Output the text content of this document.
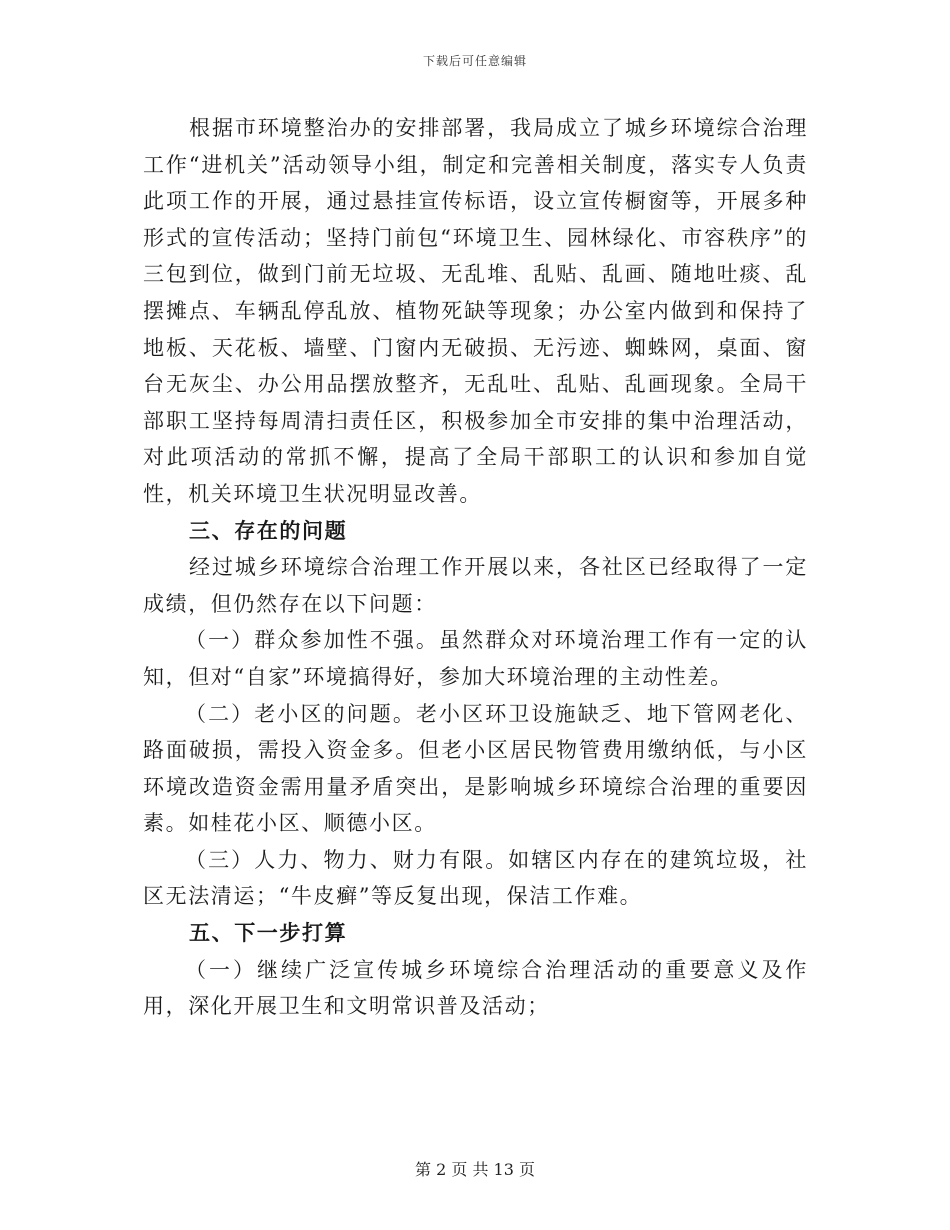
下载后可任意编辑

根据市环境整治办的安排部署，我局成立了城乡环境综合治理工作“进机关”活动领导小组，制定和完善相关制度，落实专人负责此项工作的开展，通过悬挂宣传标语，设立宣传橱窗等，开展多种形式的宣传活动；坚持门前包“环境卫生、园林绿化、市容秩序”的三包到位，做到门前无垃圾、无乱堆、乱贴、乱画、随地吐痰、乱摆摊点、车辆乱停乱放、植物死缺等现象；办公室内做到和保持了地板、天花板、墙壁、门窗内无破损、无污迹、蜘蛛网，桌面、窗台无灰尘、办公用品摆放整齐，无乱吐、乱贴、乱画现象。全局干部职工坚持每周清扫责任区，积极参加全市安排的集中治理活动，对此项活动的常抓不懈，提高了全局干部职工的认识和参加自觉性，机关环境卫生状况明显改善。

三、存在的问题

经过城乡环境综合治理工作开展以来，各社区已经取得了一定成绩，但仍然存在以下问题：

（一）群众参加性不强。虽然群众对环境治理工作有一定的认知，但对“自家”环境搞得好，参加大环境治理的主动性差。

（二）老小区的问题。老小区环卫设施缺乏、地下管网老化、路面破损，需投入资金多。但老小区居民物管费用缴纳低，与小区环境改造资金需用量矛盾突出，是影响城乡环境综合治理的重要因素。如桂花小区、顺德小区。

（三）人力、物力、财力有限。如辖区内存在的建筑垃圾，社区无法清运；“牛皮癣”等反复出现，保洁工作难。

五、下一步打算

（一）继续广泛宣传城乡环境综合治理活动的重要意义及作用，深化开展卫生和文明常识普及活动；

第 2 页 共 13 页
